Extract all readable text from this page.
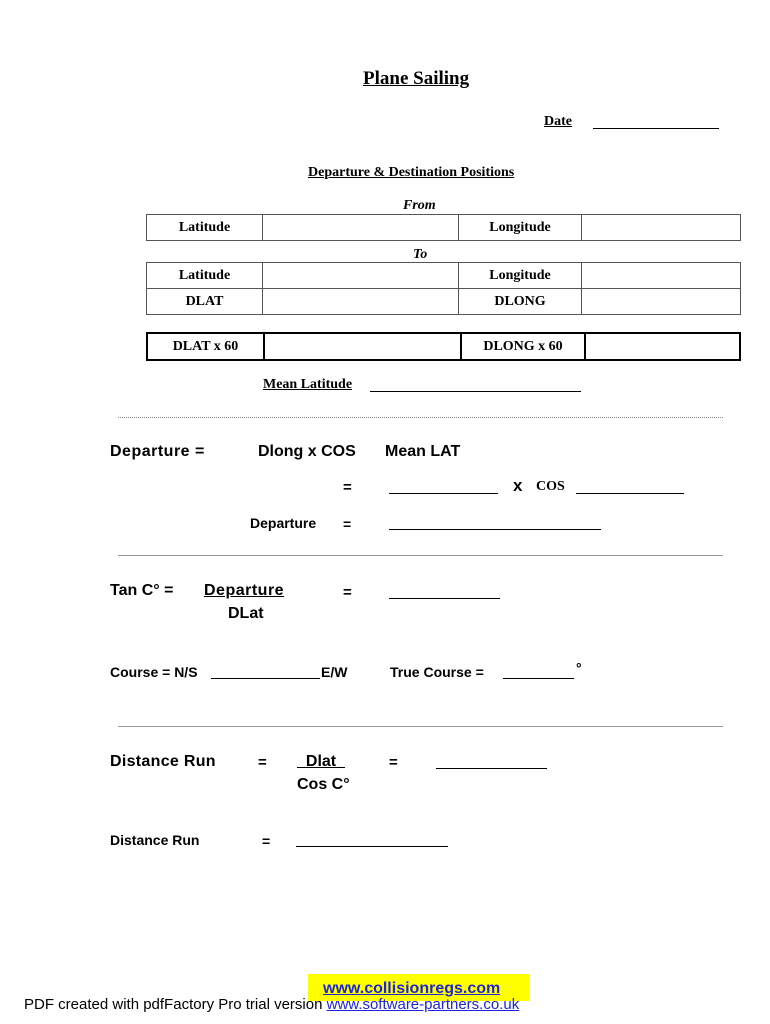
Plane Sailing
Date
Departure & Destination Positions
From
Latitude		Longitude	
To
Latitude		Longitude	
DLAT		DLONG	
DLAT x 60		DLONG x 60	
Mean Latitude
Departure =	Dlong x COS Mean LAT
=	x COS
Departure =
Tan C° = Departure
DLat
=
Course = N/S	E/W	True Course =	°
Distance Run	=	Dlat
Cos C°
=
Distance Run	=
www.collisionregs.com
PDF created with pdfFactory Pro trial version www.software-partners.co.uk
